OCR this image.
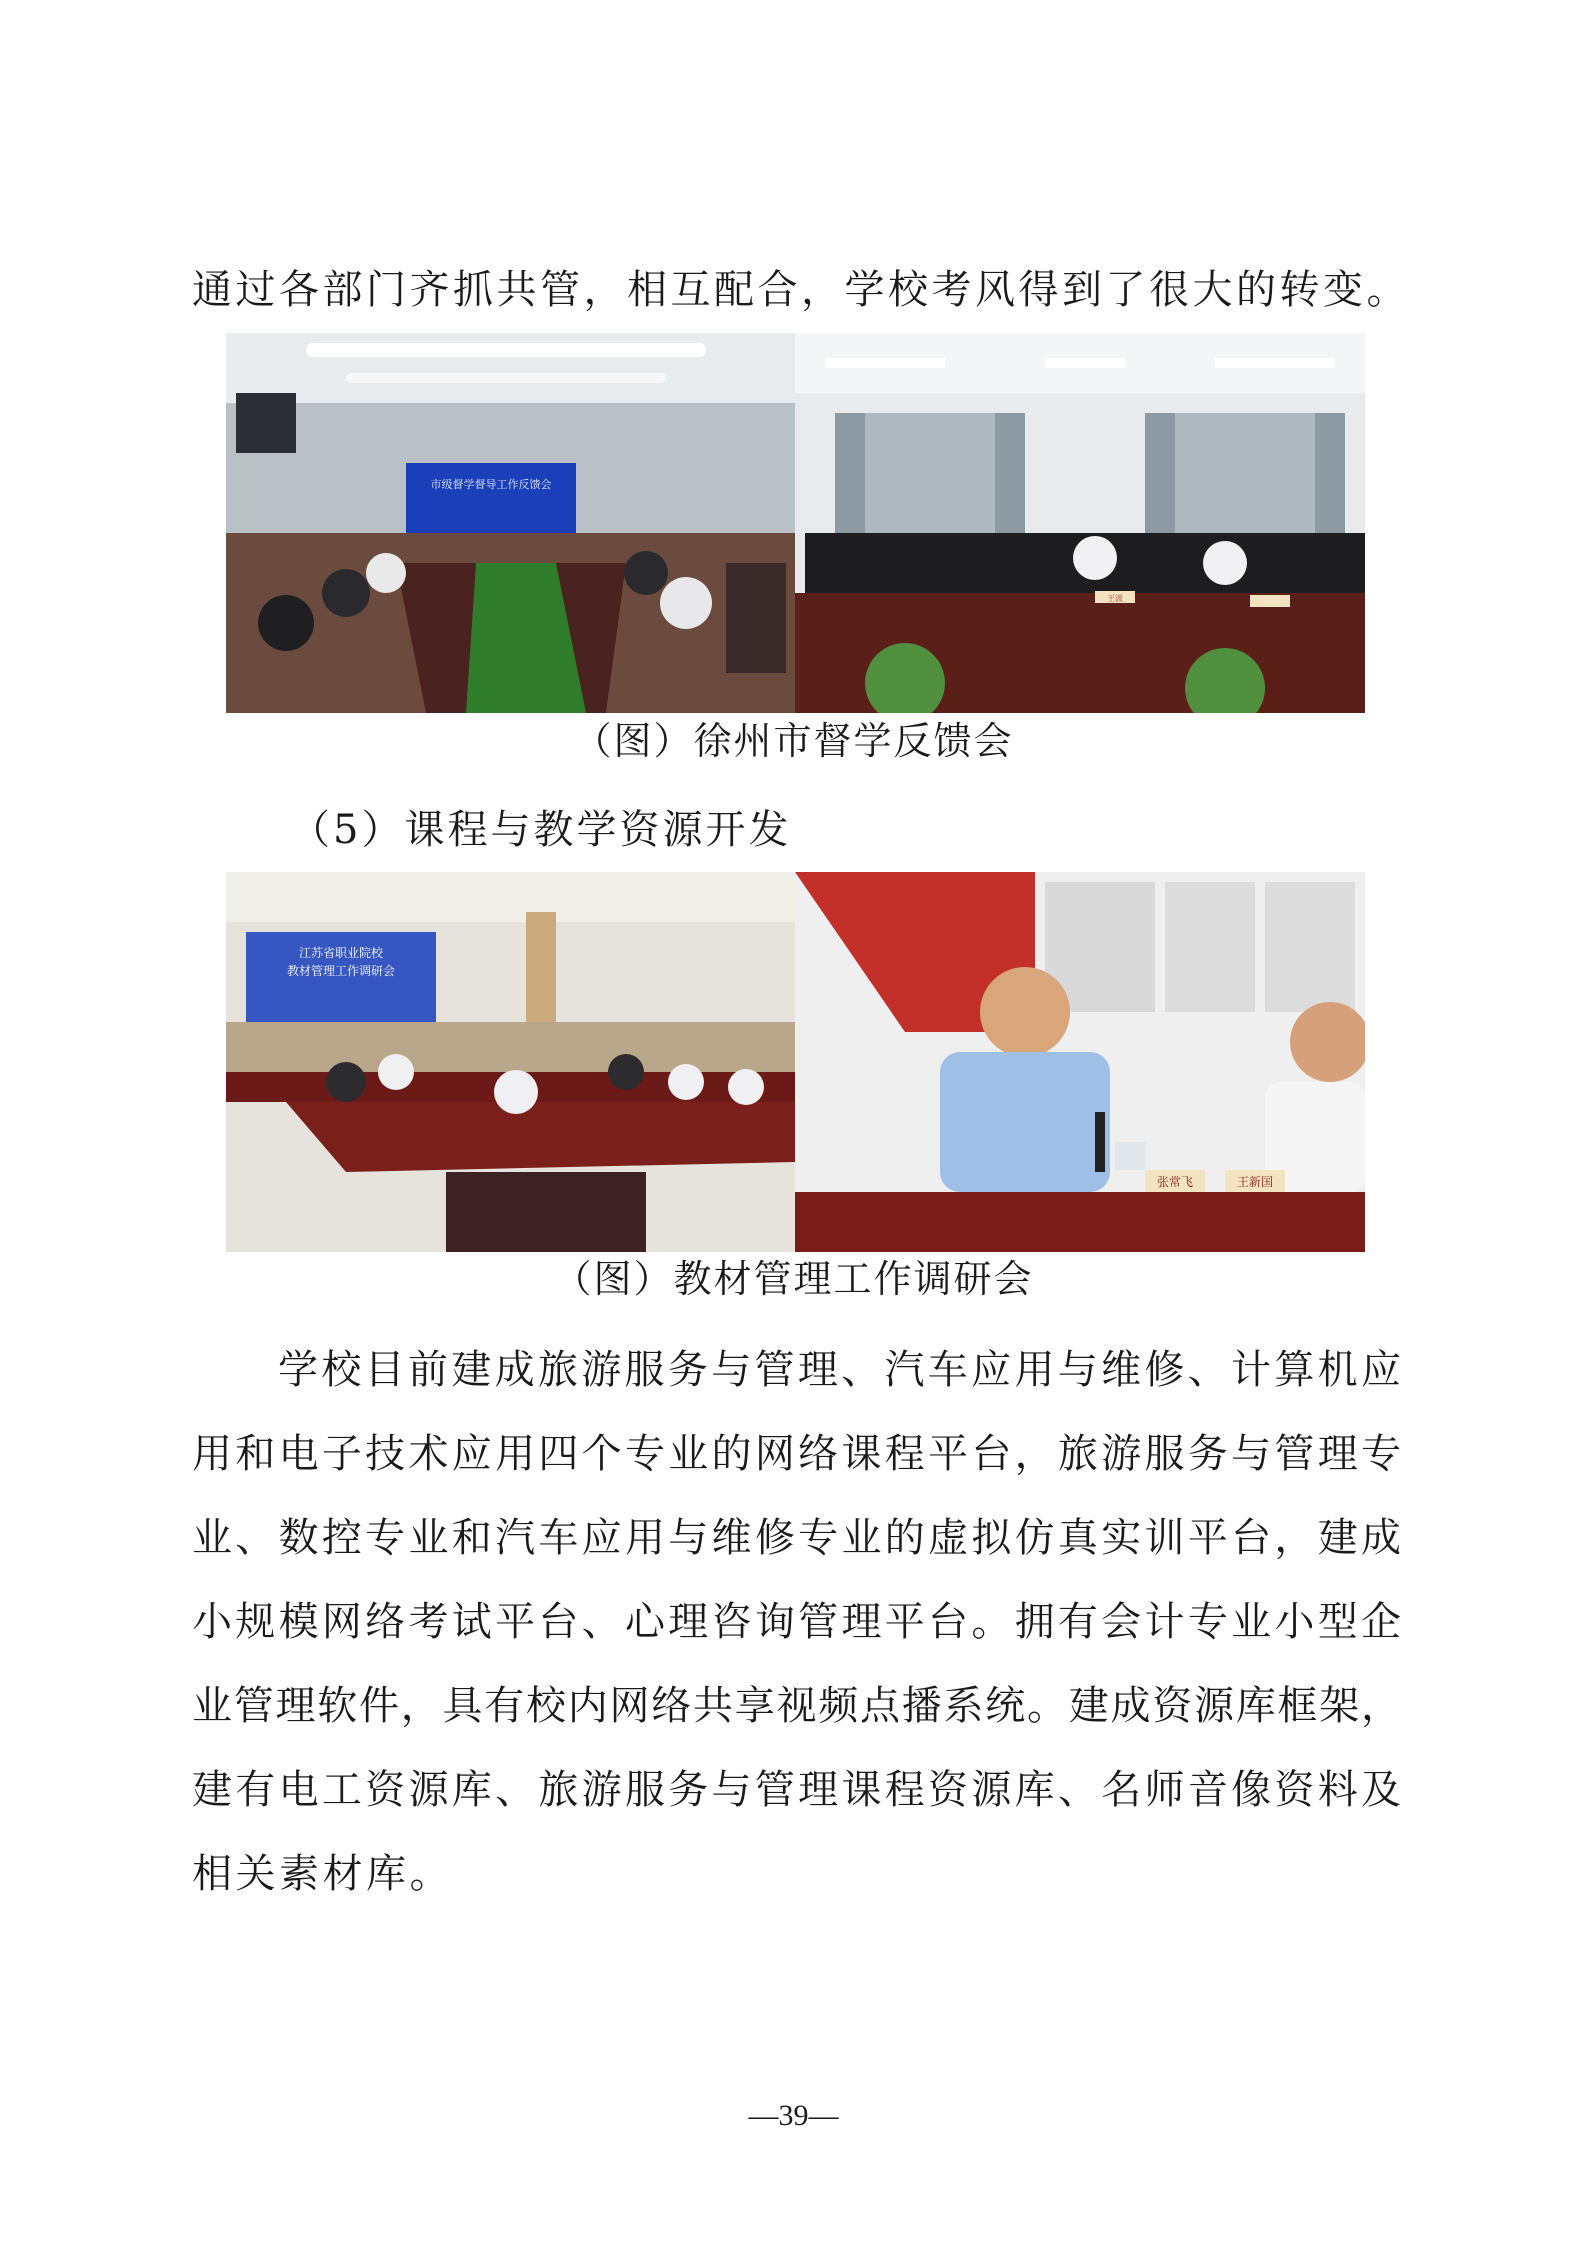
通过各部门齐抓共管，相互配合，学校考风得到了很大的转变。
市级督学督导工作反馈会
王波
（图）徐州市督学反馈会
（5）课程与教学资源开发
江苏省职业院校
教材管理工作调研会
张常飞	王新国
（图）教材管理工作调研会
学校目前建成旅游服务与管理、汽车应用与维修、计算机应
用和电子技术应用四个专业的网络课程平台，旅游服务与管理专
业、数控专业和汽车应用与维修专业的虚拟仿真实训平台，建成
小规模网络考试平台、心理咨询管理平台。拥有会计专业小型企
业管理软件，具有校内网络共享视频点播系统。建成资源库框架，
建有电工资源库、旅游服务与管理课程资源库、名师音像资料及
相关素材库。
—39—
